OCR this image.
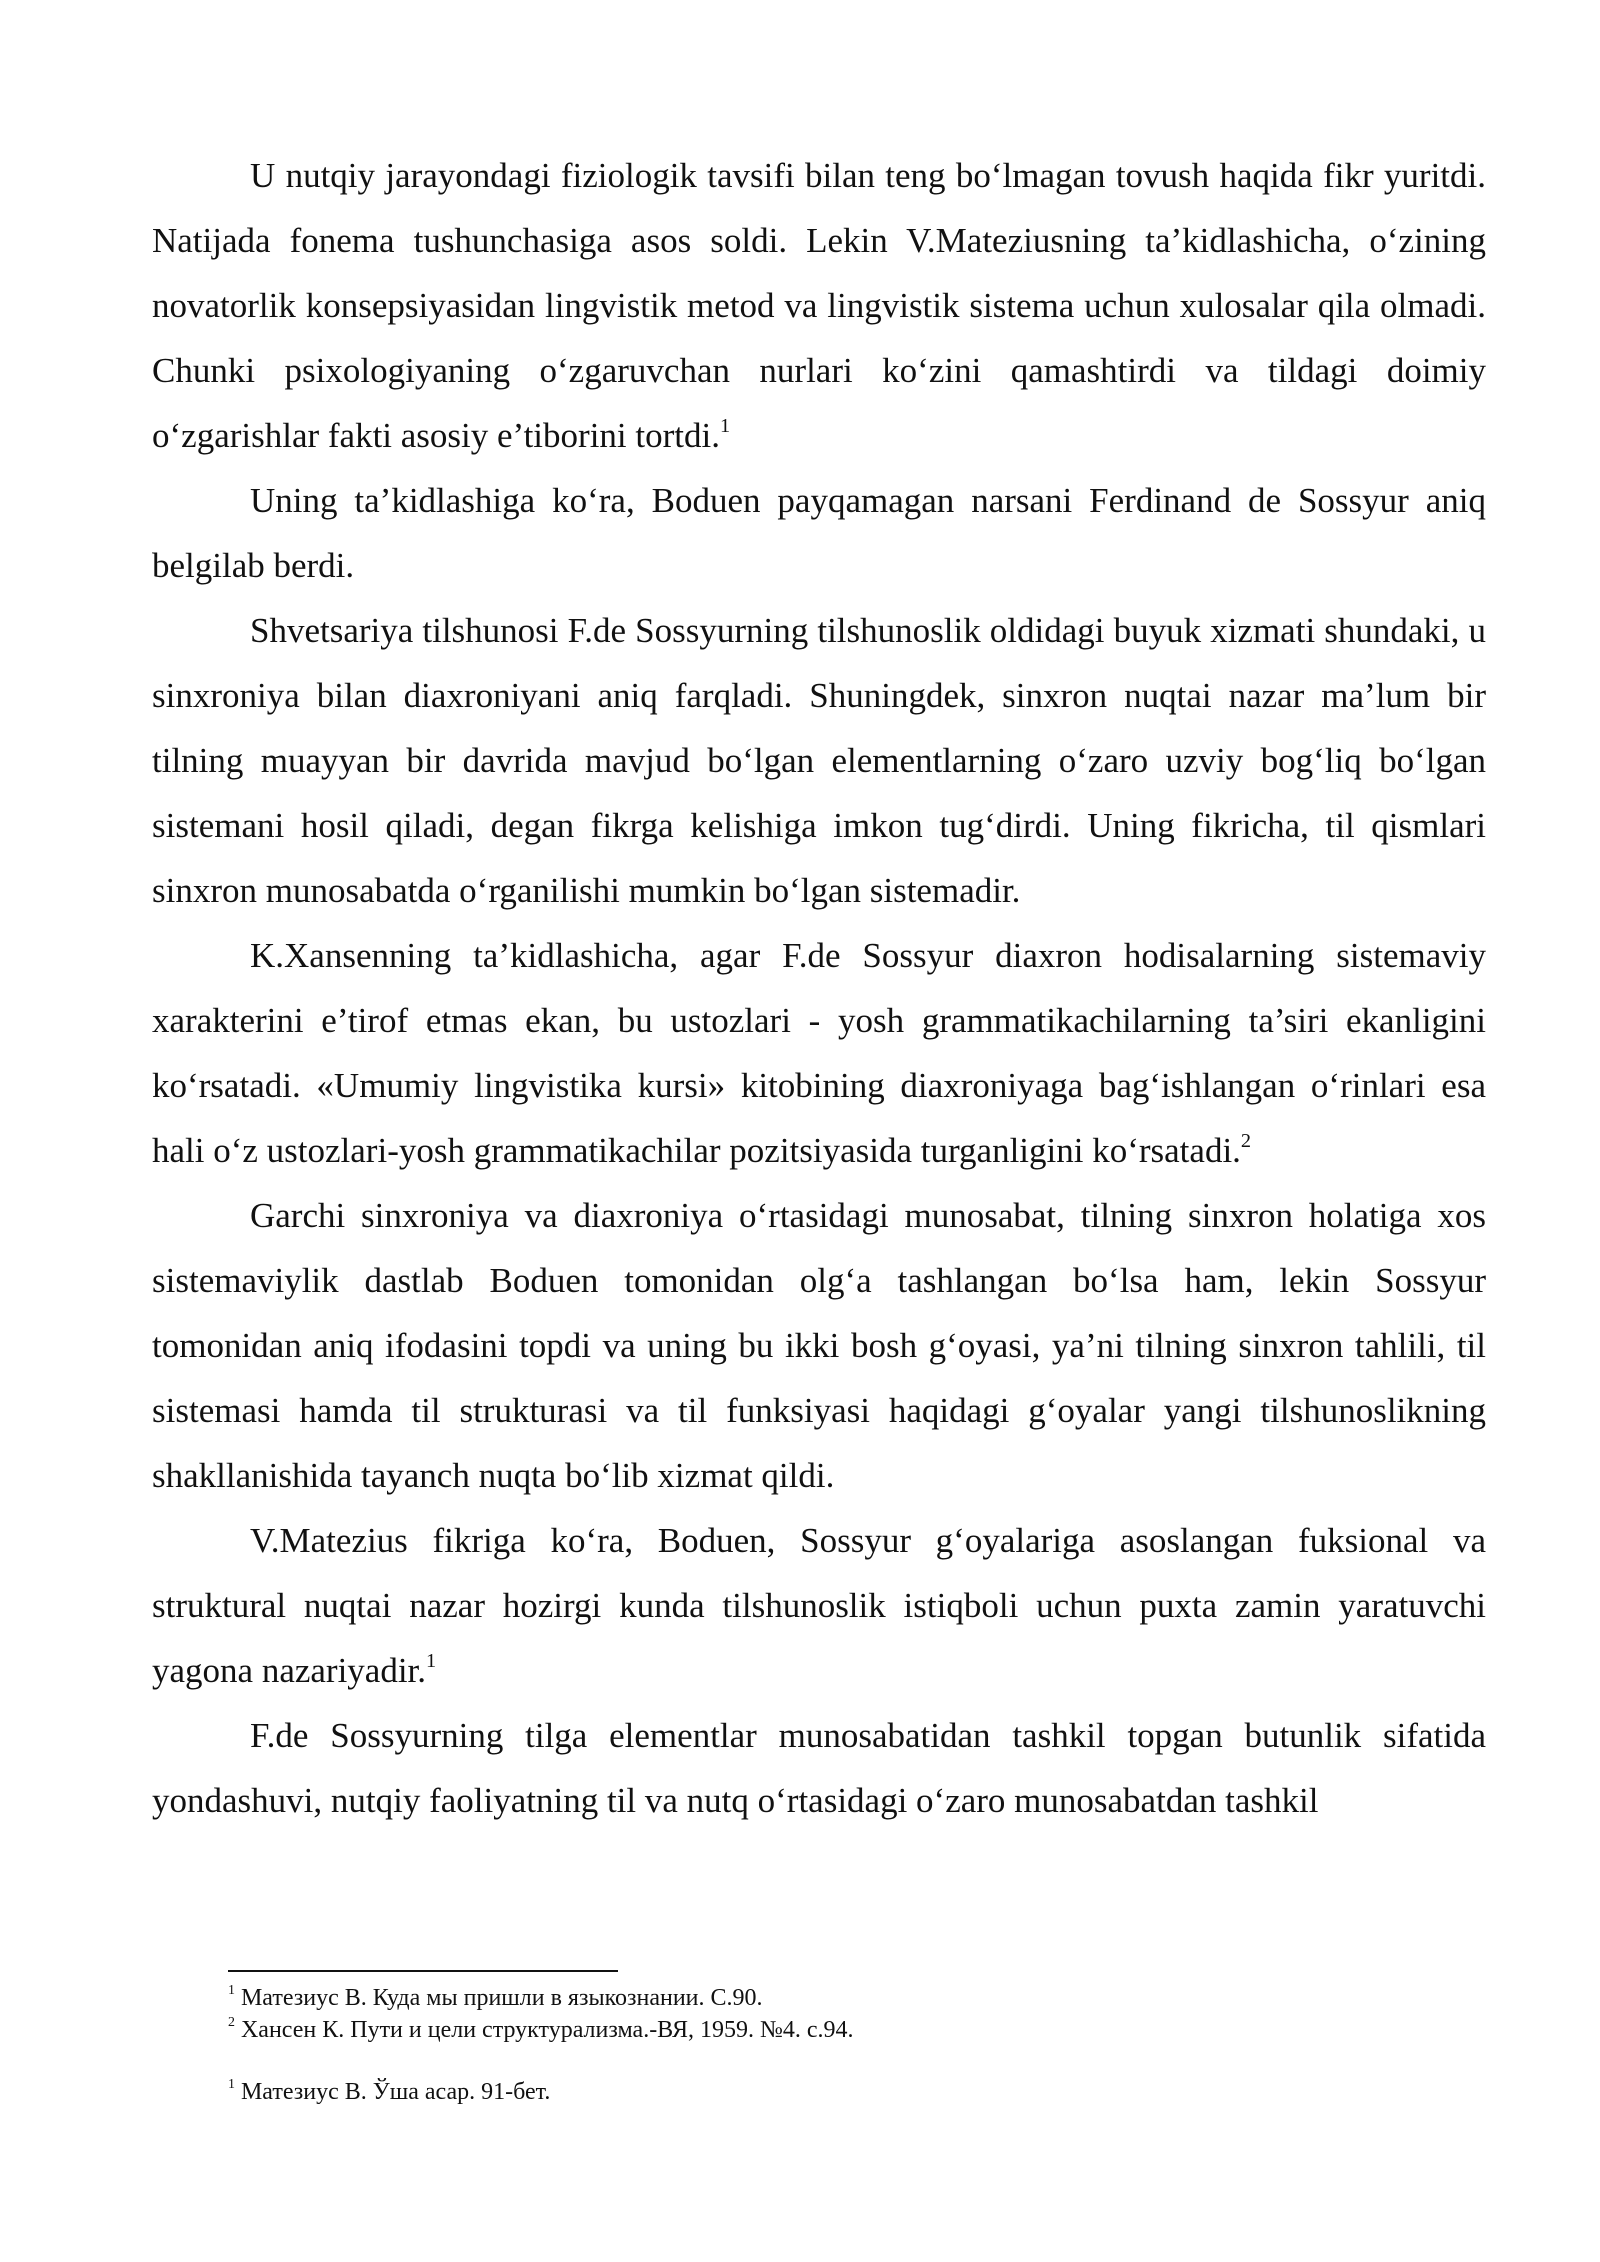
U nutqiy jarayondagi fiziologik tavsifi bilan teng bo‘lmagan tovush haqida fikr yuritdi. Natijada fonema tushunchasiga asos soldi. Lekin V.Mateziusning ta’kidlashicha, o‘zining novatorlik konsepsiyasidan lingvistik metod va lingvistik sistema uchun xulosalar qila olmadi. Chunki psixologiyaning o‘zgaruvchan nurlari ko‘zini qamashtirdi va tildagi doimiy o‘zgarishlar fakti asosiy e’tiborini tortdi.$^1$

Uning ta’kidlashiga ko‘ra, Boduen payqamagan narsani Ferdinand de Sossyur aniq belgilab berdi.

Shvetsariya tilshunosi F.de Sossyurning tilshunoslik oldidagi buyuk xizmati shundaki, u sinxroniya bilan diaxroniyani aniq farqladi. Shuningdek, sinxron nuqtai nazar ma’lum bir tilning muayyan bir davrida mavjud bo‘lgan elementlarning o‘zaro uzviy bog‘liq bo‘lgan sistemani hosil qiladi, degan fikrga kelishiga imkon tug‘dirdi. Uning fikricha, til qismlari sinxron munosabatda o‘rganilishi mumkin bo‘lgan sistemadir.

K.Xansenning ta’kidlashicha, agar F.de Sossyur diaxron hodisalarning sistemaviy xarakterini e’tirof etmas ekan, bu ustozlari - yosh grammatikachilarning ta’siri ekanligini ko‘rsatadi. «Umumiy lingvistika kursi» kitobining diaxroniyaga bag‘ishlangan o‘rinlari esa hali o‘z ustozlari-yosh grammatikachilar pozitsiyasida turganligini ko‘rsatadi.$^2$

Garchi sinxroniya va diaxroniya o‘rtasidagi munosabat, tilning sinxron holatiga xos sistemaviylik dastlab Boduen tomonidan olg‘a tashlangan bo‘lsa ham, lekin Sossyur tomonidan aniq ifodasini topdi va uning bu ikki bosh g‘oyasi, ya’ni tilning sinxron tahlili, til sistemasi hamda til strukturasi va til funksiyasi haqidagi g‘oyalar yangi tilshunoslikning shakllanishida tayanch nuqta bo‘lib xizmat qildi.

V.Matezius fikriga ko‘ra, Boduen, Sossyur g‘oyalariga asoslangan fuksional va struktural nuqtai nazar hozirgi kunda tilshunoslik istiqboli uchun puxta zamin yaratuvchi yagona nazariyadir.$^1$

F.de Sossyurning tilga elementlar munosabatidan tashkil topgan butunlik sifatida yondashuvi, nutqiy faoliyatning til va nutq o‘rtasidagi o‘zaro munosabatdan tashkil

$^1$ Матезиус В. Куда мы пришли в языкознании. С.90.

$^2$ Хансен К. Пути и цели структурализма.-ВЯ, 1959. №4. с.94.

$^1$ Матезиус В. Ўша асар. 91-бет.
